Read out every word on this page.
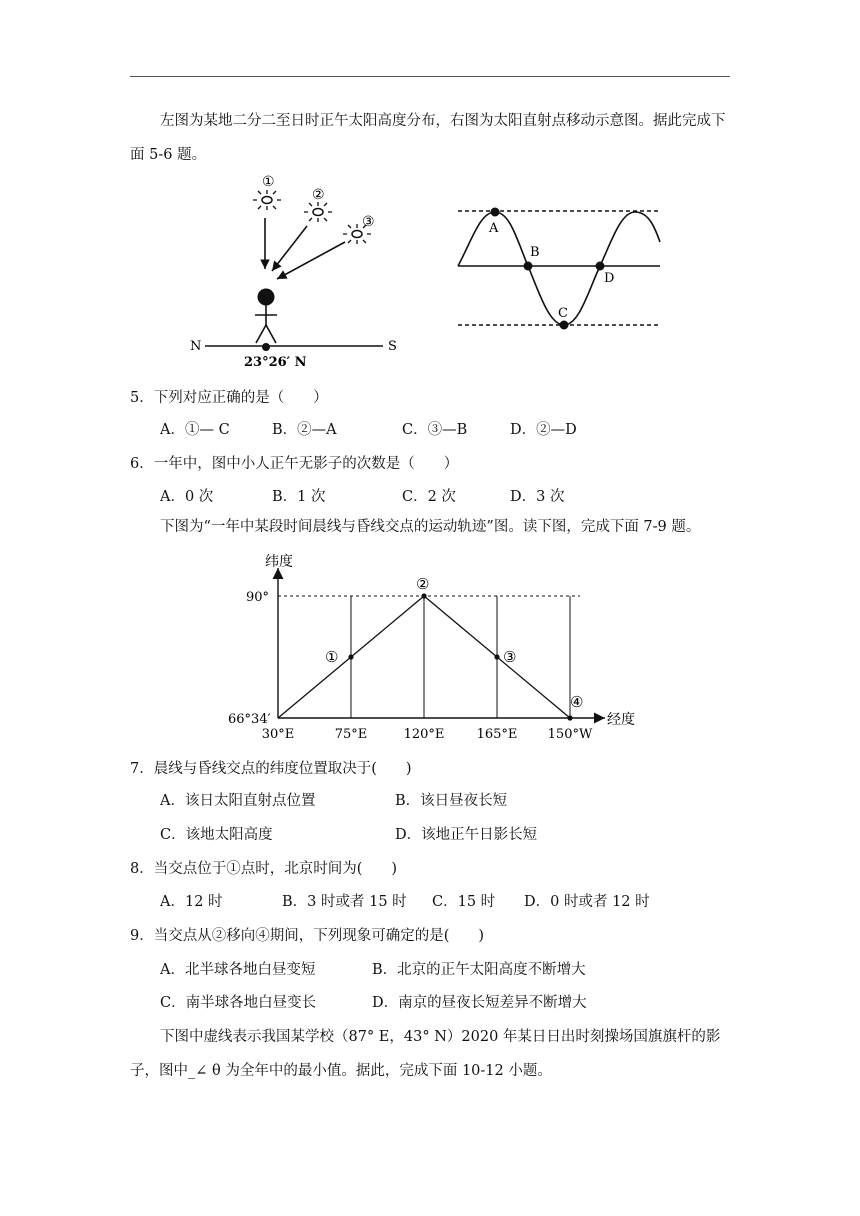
左图为某地二分二至日时正午太阳高度分布，右图为太阳直射点移动示意图。据此完成下面 5-6 题。

①
②
③
N	S
23°26′ N
A
B
C
D
5．下列对应正确的是（　　）
A．①— C	B．②—A	C．③—B	D．②—D
6．一年中，图中小人正午无影子的次数是（　　）
A．0 次	B．1 次	C．2 次	D．3 次

下图为“一年中某段时间晨线与昏线交点的运动轨迹”图。读下图，完成下面 7-9 题。

纬度
经度
90°
66°34′
①
②
③
④
30°E	75°E	120°E 165°E 150°W
7．晨线与昏线交点的纬度位置取决于(　　)
A．该日太阳直射点位置	B．该日昼夜长短
C．该地太阳高度	D．该地正午日影长短
8．当交点位于①点时，北京时间为(　　)
A．12 时	B．3 时或者 15 时 C．15 时 D．0 时或者 12 时
9．当交点从②移向④期间，下列现象可确定的是(　　)
A．北半球各地白昼变短	B．北京的正午太阳高度不断增大
C．南半球各地白昼变长	D．南京的昼夜长短差异不断增大

下图中虚线表示我国某学校（87° E，43° N）2020 年某日日出时刻操场国旗旗杆的影子，图中_∠ θ 为全年中的最小值。据此，完成下面 10-12 小题。
